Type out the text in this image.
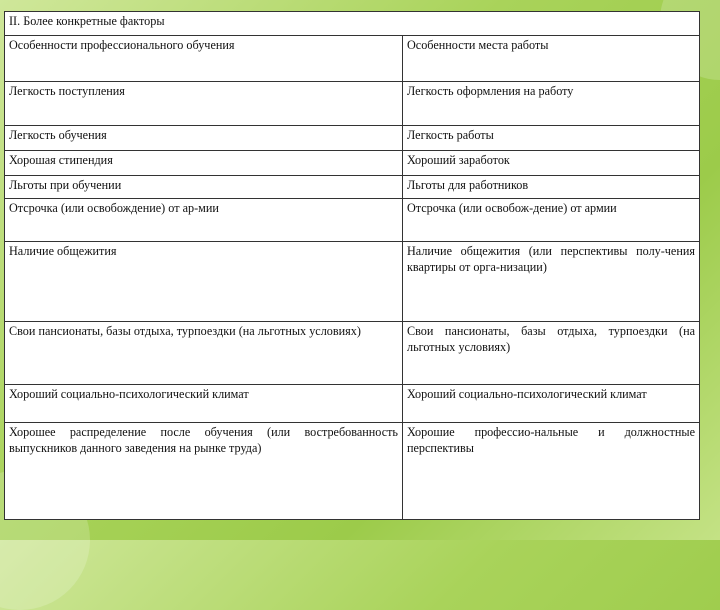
II. Более конкретные факторы	
Особенности профессионального обучения	Особенности места работы
Легкость поступления	Легкость оформления на работу
Легкость обучения	Легкость работы
Хорошая стипендия	Хороший заработок
Льготы при обучении	Льготы для работников
Отсрочка (или освобождение) от ар-мии	Отсрочка (или освобож-дение) от армии
Наличие общежития	Наличие общежития (или перспективы полу-чения квартиры от орга-низации)
Свои пансионаты, базы отдыха, турпоездки (на льготных условиях)	Свои пансионаты, базы отдыха, турпоездки (на льготных условиях)
Хороший социально-психологический климат	Хороший социально-психологический климат
Хорошее распределение после обучения (или востребованность выпускников данного заведения на рынке труда)	Хорошие профессио-нальные и должностные перспективы
